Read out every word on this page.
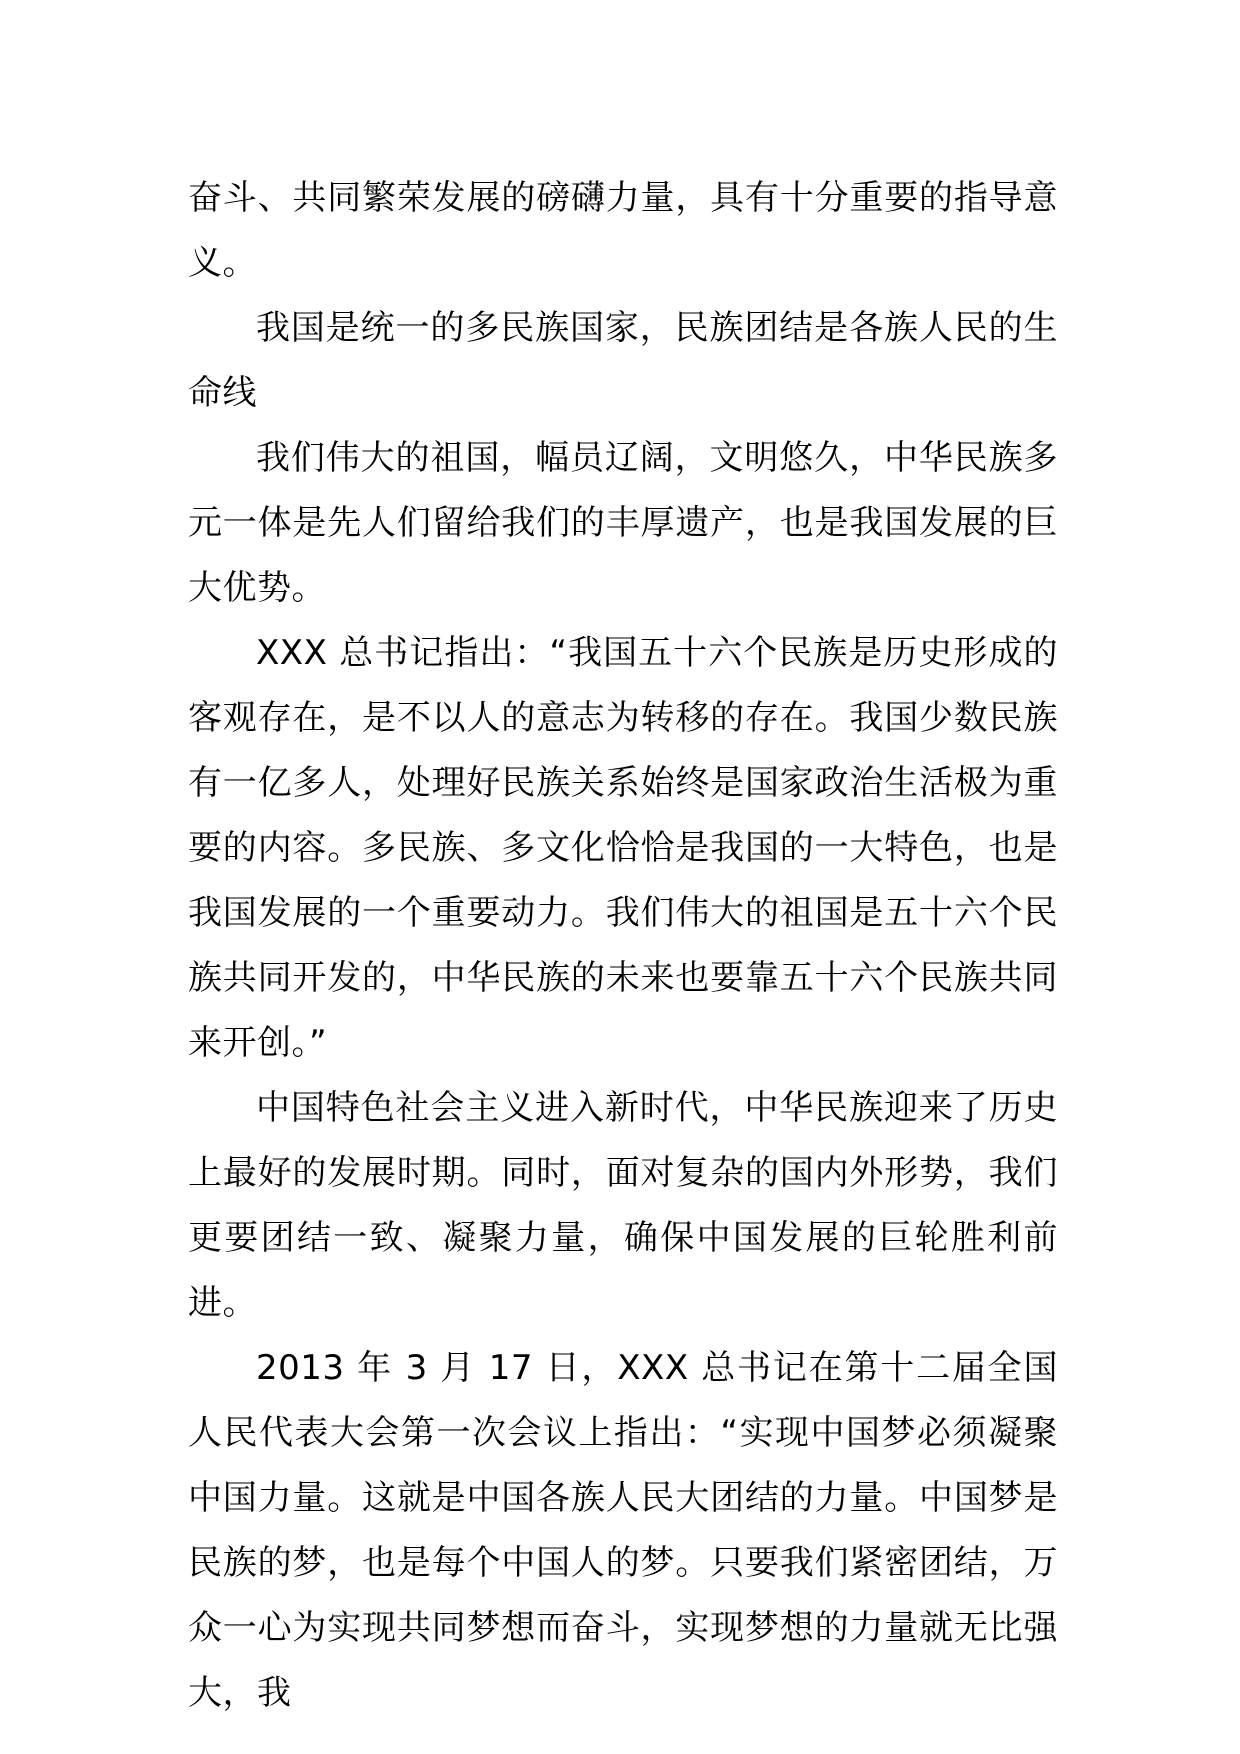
奋斗、共同繁荣发展的磅礴力量，具有十分重要的指导意义。

我国是统一的多民族国家，民族团结是各族人民的生命线

我们伟大的祖国，幅员辽阔，文明悠久，中华民族多元一体是先人们留给我们的丰厚遗产，也是我国发展的巨大优势。

XXX 总书记指出：“我国五十六个民族是历史形成的客观存在，是不以人的意志为转移的存在。我国少数民族有一亿多人，处理好民族关系始终是国家政治生活极为重要的内容。多民族、多文化恰恰是我国的一大特色，也是我国发展的一个重要动力。我们伟大的祖国是五十六个民族共同开发的，中华民族的未来也要靠五十六个民族共同来开创。”

中国特色社会主义进入新时代，中华民族迎来了历史上最好的发展时期。同时，面对复杂的国内外形势，我们更要团结一致、凝聚力量，确保中国发展的巨轮胜利前进。

2013 年 3 月 17 日，XXX 总书记在第十二届全国人民代表大会第一次会议上指出：“实现中国梦必须凝聚中国力量。这就是中国各族人民大团结的力量。中国梦是民族的梦，也是每个中国人的梦。只要我们紧密团结，万众一心为实现共同梦想而奋斗，实现梦想的力量就无比强大，我
